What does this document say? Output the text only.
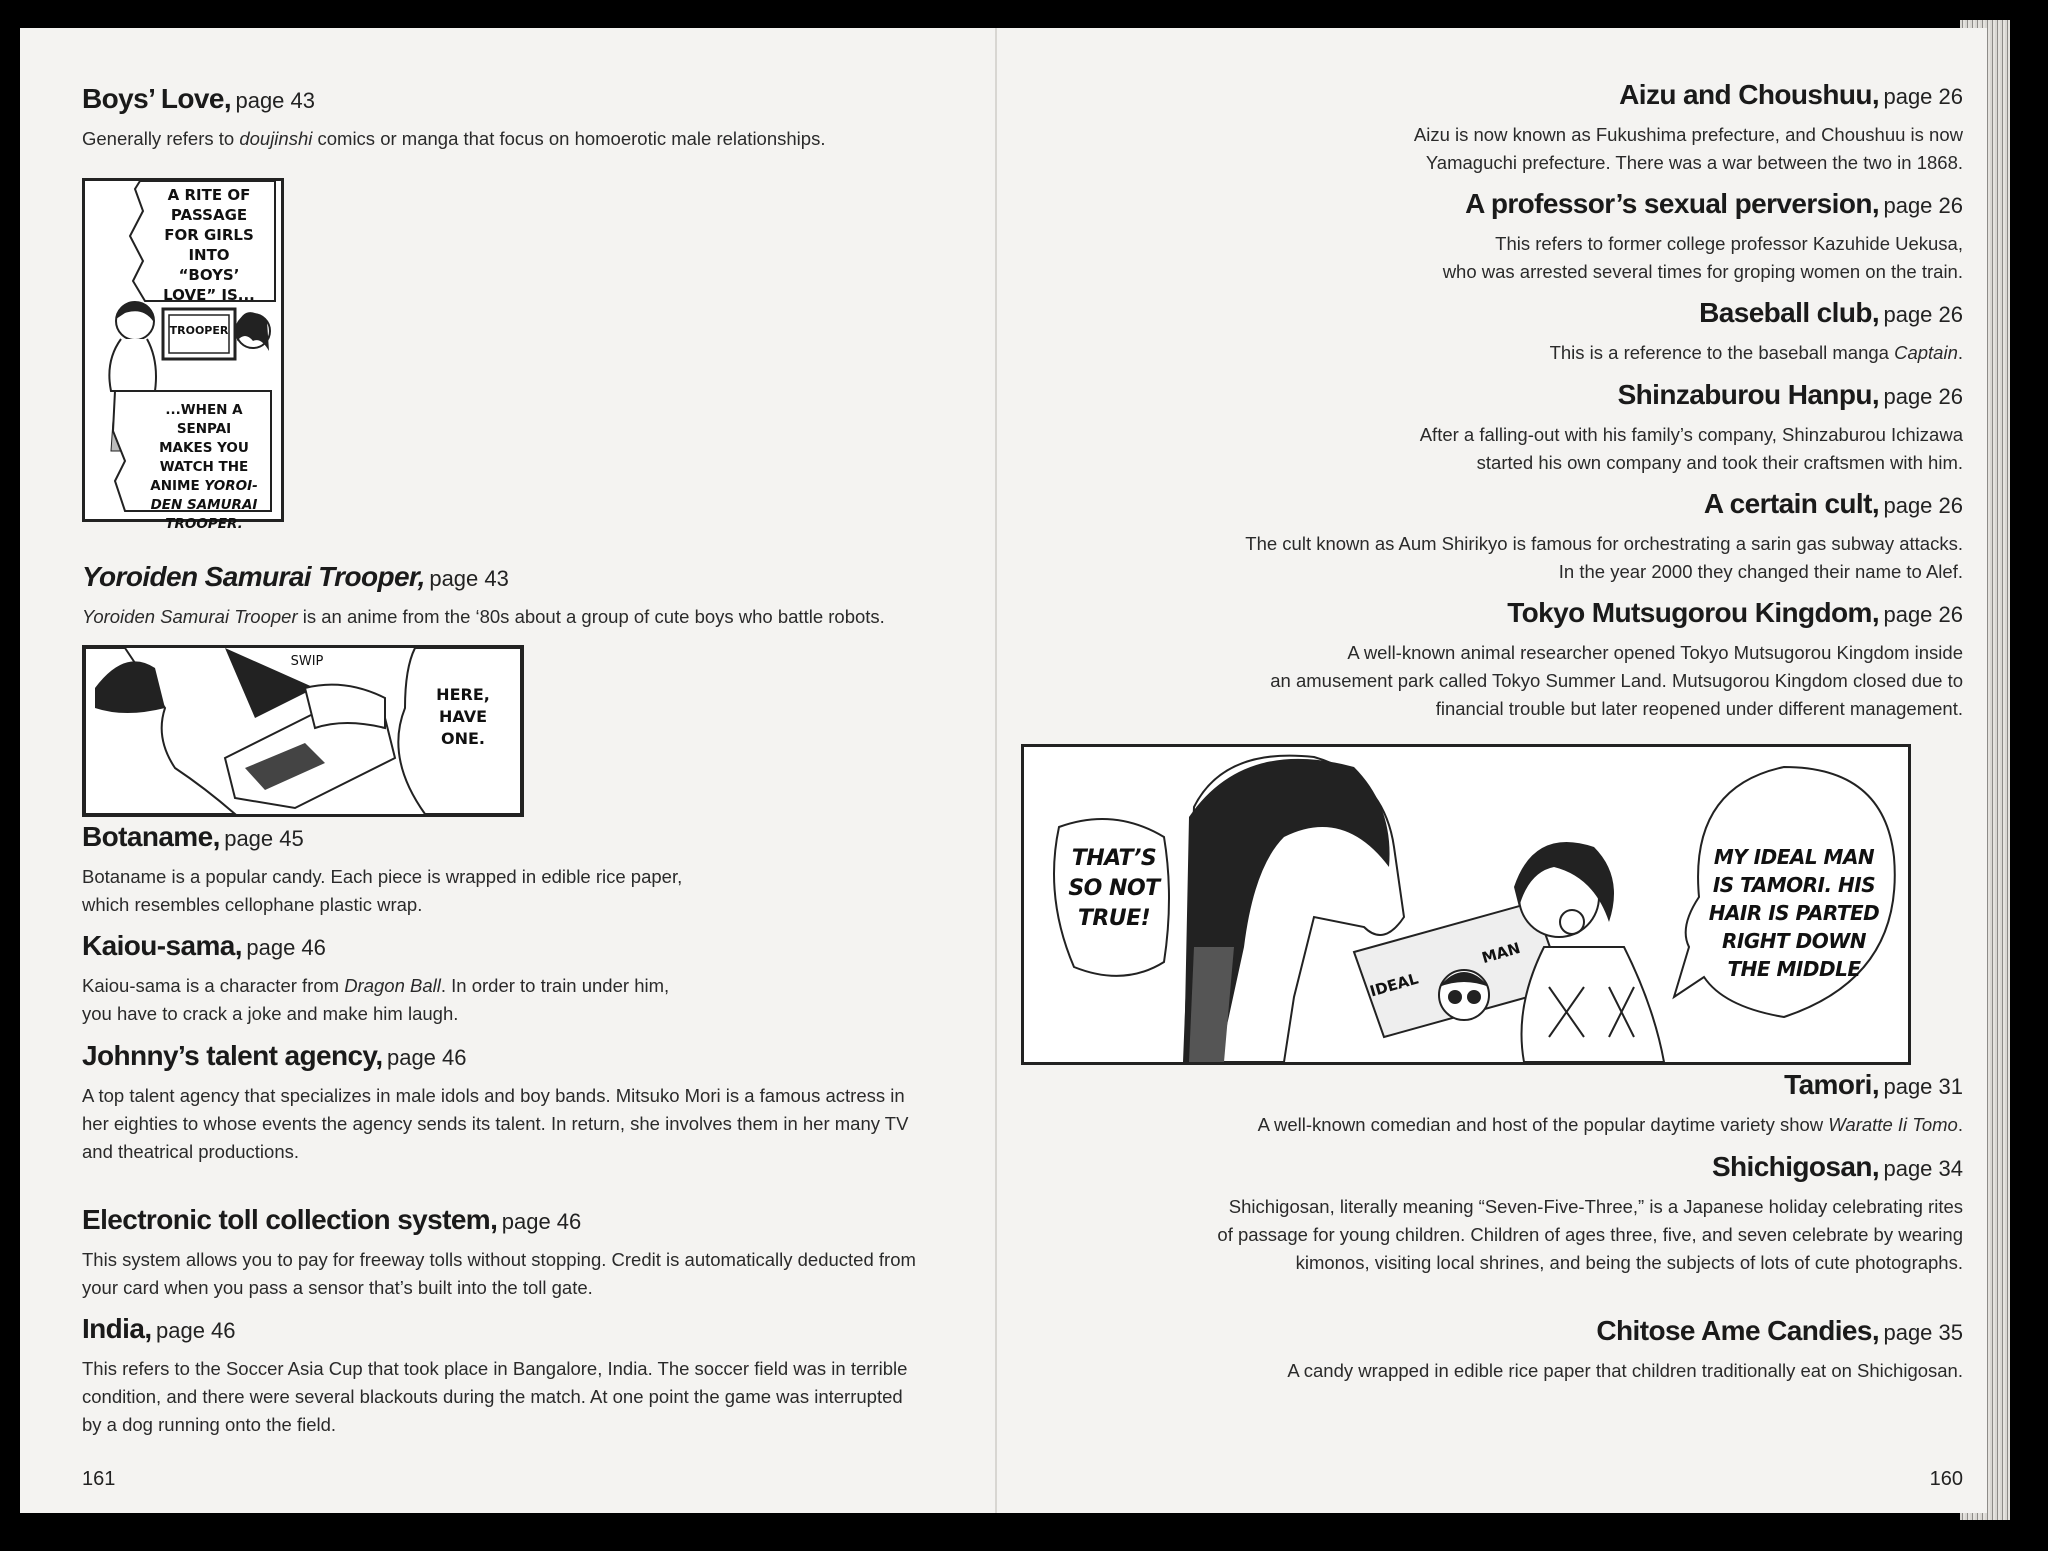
Boys’ Love, page 43
Generally refers to doujinshi comics or manga that focus on homoerotic male relationships.
A RITE OF
PASSAGE
FOR GIRLS
INTO
“BOYS’
LOVE” IS...
TROOPER
...WHEN A SENPAI
MAKES YOU
WATCH THE
ANIME YOROI-
DEN SAMURAI
TROOPER.
Yoroiden Samurai Trooper, page 43
Yoroiden Samurai Trooper is an anime from the ‘80s about a group of cute boys who battle robots.
SWIP
HERE,
HAVE
ONE.
Botaname, page 45
Botaname is a popular candy. Each piece is wrapped in edible rice paper,
which resembles cellophane plastic wrap.
Kaiou-sama, page 46
Kaiou-sama is a character from Dragon Ball. In order to train under him,
you have to crack a joke and make him laugh.
Johnny’s talent agency, page 46
A top talent agency that specializes in male idols and boy bands. Mitsuko Mori is a famous actress in
her eighties to whose events the agency sends its talent. In return, she involves them in her many TV
and theatrical productions.
Electronic toll collection system, page 46
This system allows you to pay for freeway tolls without stopping. Credit is automatically deducted from
your card when you pass a sensor that’s built into the toll gate.
India, page 46
This refers to the Soccer Asia Cup that took place in Bangalore, India. The soccer field was in terrible
condition, and there were several blackouts during the match. At one point the game was interrupted
by a dog running onto the field.
161
Aizu and Choushuu, page 26
Aizu is now known as Fukushima prefecture, and Choushuu is now
Yamaguchi prefecture. There was a war between the two in 1868.
A professor’s sexual perversion, page 26
This refers to former college professor Kazuhide Uekusa,
who was arrested several times for groping women on the train.
Baseball club, page 26
This is a reference to the baseball manga Captain.
Shinzaburou Hanpu, page 26
After a falling-out with his family’s company, Shinzaburou Ichizawa
started his own company and took their craftsmen with him.
A certain cult, page 26
The cult known as Aum Shirikyo is famous for orchestrating a sarin gas subway attacks.
In the year 2000 they changed their name to Alef.
Tokyo Mutsugorou Kingdom, page 26
A well-known animal researcher opened Tokyo Mutsugorou Kingdom inside
an amusement park called Tokyo Summer Land. Mutsugorou Kingdom closed due to
financial trouble but later reopened under different management.
THAT’S
SO NOT
TRUE!
MY IDEAL MAN
IS TAMORI. HIS
HAIR IS PARTED
RIGHT DOWN
THE MIDDLE
IDEAL
MAN
Tamori, page 31
A well-known comedian and host of the popular daytime variety show Waratte Ii Tomo.
Shichigosan, page 34
Shichigosan, literally meaning “Seven-Five-Three,” is a Japanese holiday celebrating rites
of passage for young children. Children of ages three, five, and seven celebrate by wearing
kimonos, visiting local shrines, and being the subjects of lots of cute photographs.
Chitose Ame Candies, page 35
A candy wrapped in edible rice paper that children traditionally eat on Shichigosan.
160
